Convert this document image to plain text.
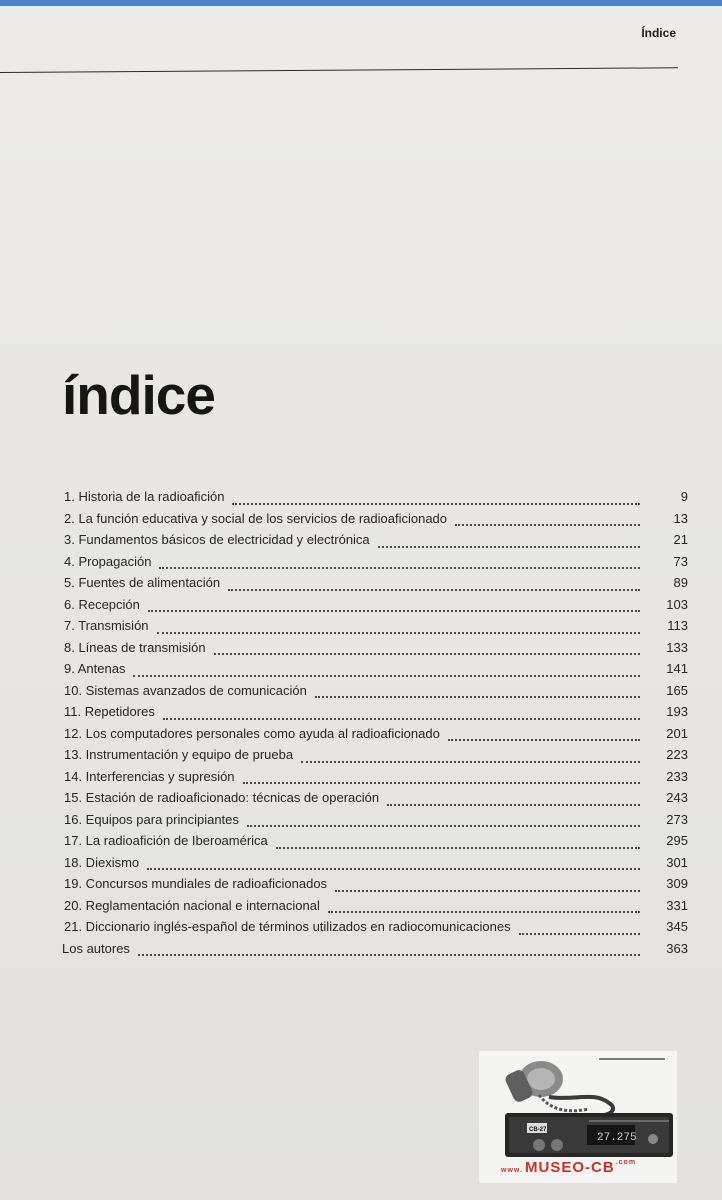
Índice
índice
1. Historia de la radioafición	9
2. La función educativa y social de los servicios de radioaficionado	13
3. Fundamentos básicos de electricidad y electrónica	21
4. Propagación	73
5. Fuentes de alimentación	89
6. Recepción	103
7. Transmisión	113
8. Líneas de transmisión	133
9. Antenas	141
10. Sistemas avanzados de comunicación	165
11. Repetidores	193
12. Los computadores personales como ayuda al radioaficionado	201
13. Instrumentación y equipo de prueba	223
14. Interferencias y supresión	233
15. Estación de radioaficionado: técnicas de operación	243
16. Equipos para principiantes	273
17. La radioafición de Iberoamérica	295
18. Diexismo	301
19. Concursos mundiales de radioaficionados	309
20. Reglamentación nacional e internacional	331
21. Diccionario inglés-español de términos utilizados en radiocomunicaciones	345
Los autores	363
CB-27
27.275
www. MUSEO-$CB^{.com}$
